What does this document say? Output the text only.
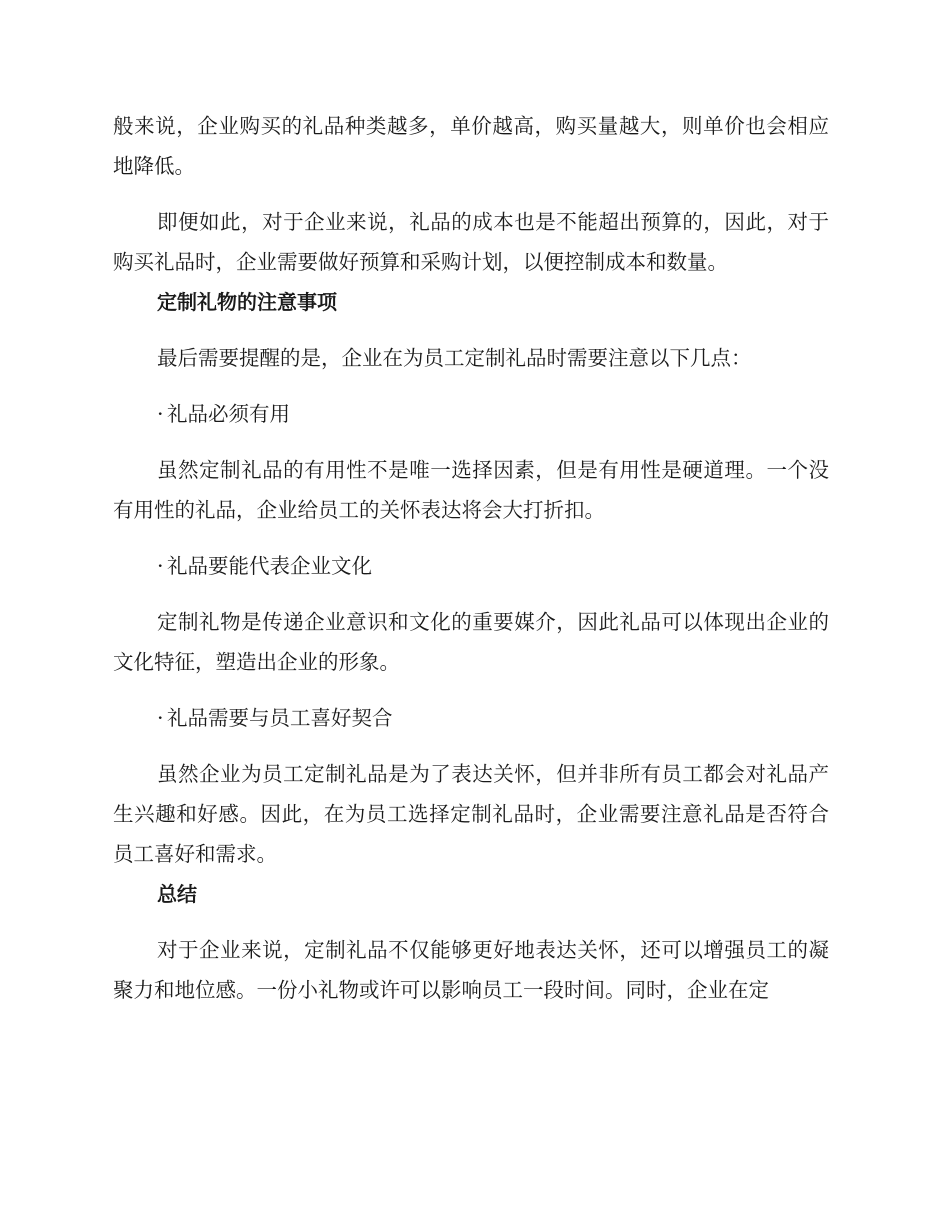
般来说，企业购买的礼品种类越多，单价越高，购买量越大，则单价也会相应地降低。

即便如此，对于企业来说，礼品的成本也是不能超出预算的，因此，对于购买礼品时，企业需要做好预算和采购计划，以便控制成本和数量。

定制礼物的注意事项

最后需要提醒的是，企业在为员工定制礼品时需要注意以下几点：

· 礼品必须有用

虽然定制礼品的有用性不是唯一选择因素，但是有用性是硬道理。一个没有用性的礼品，企业给员工的关怀表达将会大打折扣。

· 礼品要能代表企业文化

定制礼物是传递企业意识和文化的重要媒介，因此礼品可以体现出企业的文化特征，塑造出企业的形象。

· 礼品需要与员工喜好契合

虽然企业为员工定制礼品是为了表达关怀，但并非所有员工都会对礼品产生兴趣和好感。因此，在为员工选择定制礼品时，企业需要注意礼品是否符合员工喜好和需求。

总结

对于企业来说，定制礼品不仅能够更好地表达关怀，还可以增强员工的凝聚力和地位感。一份小礼物或许可以影响员工一段时间。同时，企业在定
